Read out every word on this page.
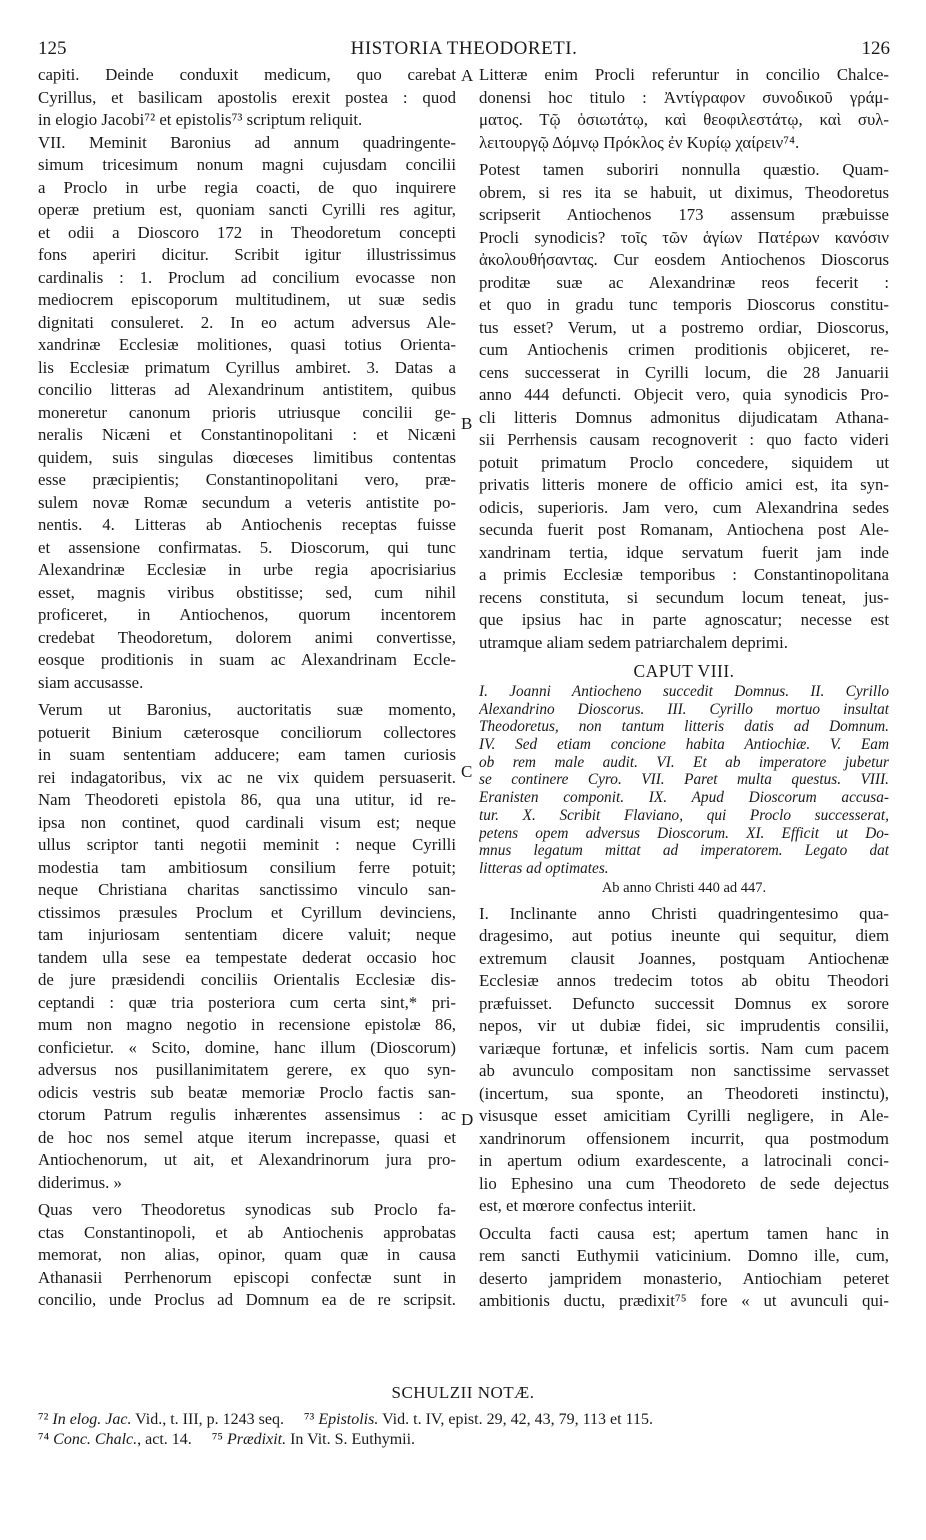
125	HISTORIA THEODORETI.	126
A
B
C
D
capiti. Deinde conduxit medicum, quo carebat
Cyrillus, et basilicam apostolis erexit postea : quod
in elogio Jacobi⁷² et epistolis⁷³ scriptum reliquit.
VII. Meminit Baronius ad annum quadringente-
simum tricesimum nonum magni cujusdam concilii
a Proclo in urbe regia coacti, de quo inquirere
operæ pretium est, quoniam sancti Cyrilli res agitur,
et odii a Dioscoro 172 in Theodoretum concepti
fons aperiri dicitur. Scribit igitur illustrissimus
cardinalis : 1. Proclum ad concilium evocasse non
mediocrem episcoporum multitudinem, ut suæ sedis
dignitati consuleret. 2. In eo actum adversus Ale-
xandrinæ Ecclesiæ molitiones, quasi totius Orienta-
lis Ecclesiæ primatum Cyrillus ambiret. 3. Datas a
concilio litteras ad Alexandrinum antistitem, quibus
moneretur canonum prioris utriusque concilii ge-
neralis Nicæni et Constantinopolitani : et Nicæni
quidem, suis singulas diœceses limitibus contentas
esse præcipientis; Constantinopolitani vero, præ-
sulem novæ Romæ secundum a veteris antistite po-
nentis. 4. Litteras ab Antiochenis receptas fuisse
et assensione confirmatas. 5. Dioscorum, qui tunc
Alexandrinæ Ecclesiæ in urbe regia apocrisiarius
esset, magnis viribus obstitisse; sed, cum nihil
proficeret, in Antiochenos, quorum incentorem
credebat Theodoretum, dolorem animi convertisse,
eosque proditionis in suam ac Alexandrinam Eccle-
siam accusasse.
Verum ut Baronius, auctoritatis suæ momento,
potuerit Binium cæterosque conciliorum collectores
in suam sententiam adducere; eam tamen curiosis
rei indagatoribus, vix ac ne vix quidem persuaserit.
Nam Theodoreti epistola 86, qua una utitur, id re-
ipsa non continet, quod cardinali visum est; neque
ullus scriptor tanti negotii meminit : neque Cyrilli
modestia tam ambitiosum consilium ferre potuit;
neque Christiana charitas sanctissimo vinculo san-
ctissimos præsules Proclum et Cyrillum devinciens,
tam injuriosam sententiam dicere valuit; neque
tandem ulla sese ea tempestate dederat occasio hoc
de jure præsidendi conciliis Orientalis Ecclesiæ dis-
ceptandi : quæ tria posteriora cum certa sint,* pri-
mum non magno negotio in recensione epistolæ 86,
conficietur. « Scito, domine, hanc illum (Dioscorum)
adversus nos pusillanimitatem gerere, ex quo syn-
odicis vestris sub beatæ memoriæ Proclo factis san-
ctorum Patrum regulis inhærentes assensimus : ac
de hoc nos semel atque iterum increpasse, quasi et
Antiochenorum, ut ait, et Alexandrinorum jura pro-
diderimus. »
Quas vero Theodoretus synodicas sub Proclo fa-
ctas Constantinopoli, et ab Antiochenis approbatas
memorat, non alias, opinor, quam quæ in causa
Athanasii Perrhenorum episcopi confectæ sunt in
concilio, unde Proclus ad Domnum ea de re scripsit.
Litteræ enim Procli referuntur in concilio Chalce-
donensi hoc titulo : Ἀντίγραφον συνοδικοῦ γράμ-
ματος. Τῷ ὁσιωτάτῳ, καὶ θεοφιλεστάτῳ, καὶ συλ-
λειτουργῷ Δόμνῳ Πρόκλος ἐν Κυρίῳ χαίρειν⁷⁴.
Potest tamen suboriri nonnulla quæstio. Quam-
obrem, si res ita se habuit, ut diximus, Theodoretus
scripserit Antiochenos 173 assensum præbuisse
Procli synodicis? τοῖς τῶν ἁγίων Πατέρων κανόσιν
ἀκολουθήσαντας. Cur eosdem Antiochenos Dioscorus
proditæ suæ ac Alexandrinæ reos fecerit :
et quo in gradu tunc temporis Dioscorus constitu-
tus esset? Verum, ut a postremo ordiar, Dioscorus,
cum Antiochenis crimen proditionis objiceret, re-
cens successerat in Cyrilli locum, die 28 Januarii
anno 444 defuncti. Objecit vero, quia synodicis Pro-
cli litteris Domnus admonitus dijudicatam Athana-
sii Perrhensis causam recognoverit : quo facto videri
potuit primatum Proclo concedere, siquidem ut
privatis litteris monere de officio amici est, ita syn-
odicis, superioris. Jam vero, cum Alexandrina sedes
secunda fuerit post Romanam, Antiochena post Ale-
xandrinam tertia, idque servatum fuerit jam inde
a primis Ecclesiæ temporibus : Constantinopolitana
recens constituta, si secundum locum teneat, jus-
que ipsius hac in parte agnoscatur; necesse est
utramque aliam sedem patriarchalem deprimi.
CAPUT VIII.
I. Joanni Antiocheno succedit Domnus. II. Cyrillo
Alexandrino Dioscorus. III. Cyrillo mortuo insultat
Theodoretus, non tantum litteris datis ad Domnum.
IV. Sed etiam concione habita Antiochiæ. V. Eam
ob rem male audit. VI. Et ab imperatore jubetur
se continere Cyro. VII. Paret multa questus. VIII.
Eranisten componit. IX. Apud Dioscorum accusa-
tur. X. Scribit Flaviano, qui Proclo successerat,
petens opem adversus Dioscorum. XI. Efficit ut Do-
mnus legatum mittat ad imperatorem. Legato dat
litteras ad optimates.
Ab anno Christi 440 ad 447.
I. Inclinante anno Christi quadringentesimo qua-
dragesimo, aut potius ineunte qui sequitur, diem
extremum clausit Joannes, postquam Antiochenæ
Ecclesiæ annos tredecim totos ab obitu Theodori
præfuisset. Defuncto successit Domnus ex sorore
nepos, vir ut dubiæ fidei, sic imprudentis consilii,
variæque fortunæ, et infelicis sortis. Nam cum pacem
ab avunculo compositam non sanctissime servasset
(incertum, sua sponte, an Theodoreti instinctu),
visusque esset amicitiam Cyrilli negligere, in Ale-
xandrinorum offensionem incurrit, qua postmodum
in apertum odium exardescente, a latrocinali conci-
lio Ephesino una cum Theodoreto de sede dejectus
est, et mœrore confectus interiit.
Occulta facti causa est; apertum tamen hanc in
rem sancti Euthymii vaticinium. Domno ille, cum,
deserto jampridem monasterio, Antiochiam peteret
ambitionis ductu, prædixit⁷⁵ fore « ut avunculi qui-
SCHULZII NOTÆ.
⁷² In elog. Jac. Vid., t. III, p. 1243 seq. ⁷³ Epistolis. Vid. t. IV, epist. 29, 42, 43, 79, 113 et 115.
⁷⁴ Conc. Chalc., act. 14. ⁷⁵ Prædixit. In Vit. S. Euthymii.
